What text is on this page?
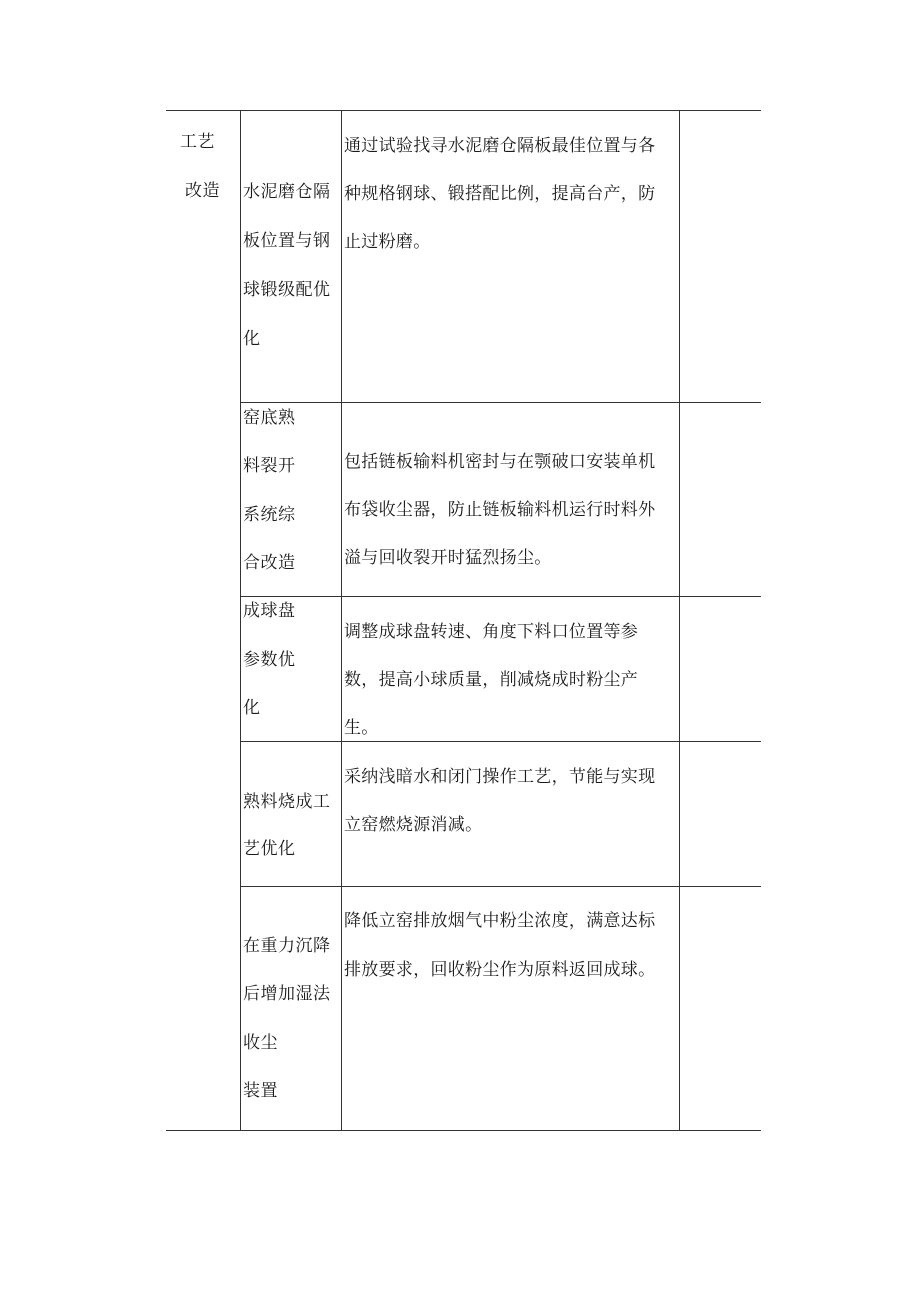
工艺
改造 水泥磨仓隔
板位置与钢
球锻级配优
化
通过试验找寻水泥磨仓隔板最佳位置与各
种规格钢球、锻搭配比例，提高台产，防
止过粉磨。
窑底熟
料裂开
系统综
合改造
包括链板输料机密封与在颚破口安装单机
布袋收尘器，防止链板输料机运行时料外
溢与回收裂开时猛烈扬尘。
成球盘
参数优
化
调整成球盘转速、角度下料口位置等参
数，提高小球质量，削减烧成时粉尘产
生。
熟料烧成工
艺优化
采纳浅暗水和闭门操作工艺，节能与实现
立窑燃烧源消减。
在重力沉降
后增加湿法
收尘
装置
降低立窑排放烟气中粉尘浓度，满意达标
排放要求，回收粉尘作为原料返回成球。
